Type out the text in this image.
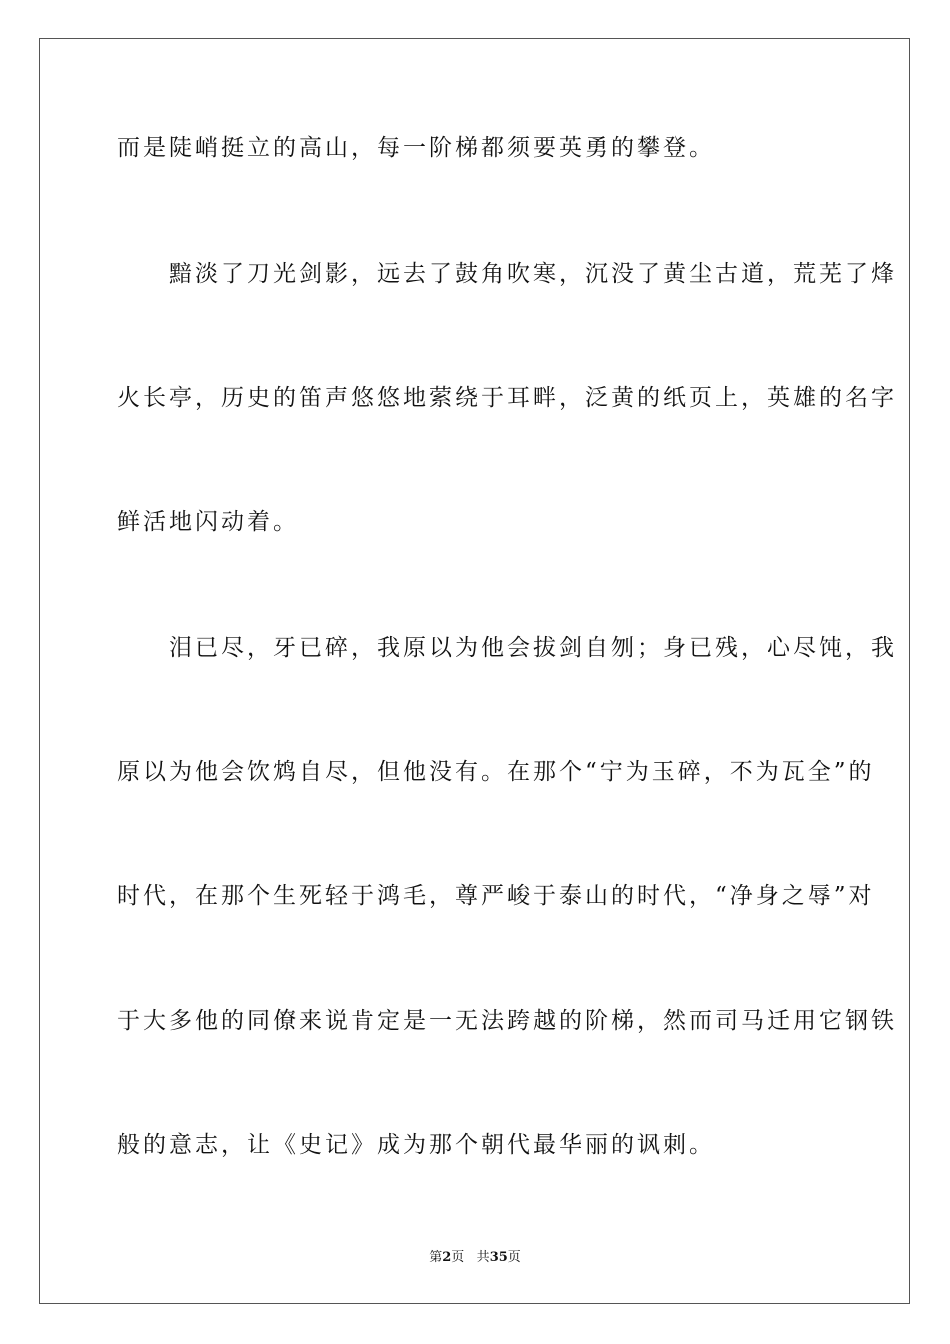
而是陡峭挺立的高山，每一阶梯都须要英勇的攀登。
　　黯淡了刀光剑影，远去了鼓角吹寒，沉没了黄尘古道，荒芜了烽
火长亭，历史的笛声悠悠地萦绕于耳畔，泛黄的纸页上，英雄的名字
鲜活地闪动着。
　　泪已尽，牙已碎，我原以为他会拔剑自刎；身已残，心尽饨，我
原以为他会饮鸩自尽，但他没有。在那个“宁为玉碎，不为瓦全”的
时代，在那个生死轻于鸿毛，尊严峻于泰山的时代，“净身之辱”对
于大多他的同僚来说肯定是一无法跨越的阶梯，然而司马迁用它钢铁
般的意志，让《史记》成为那个朝代最华丽的讽刺。
第2页 共35页
